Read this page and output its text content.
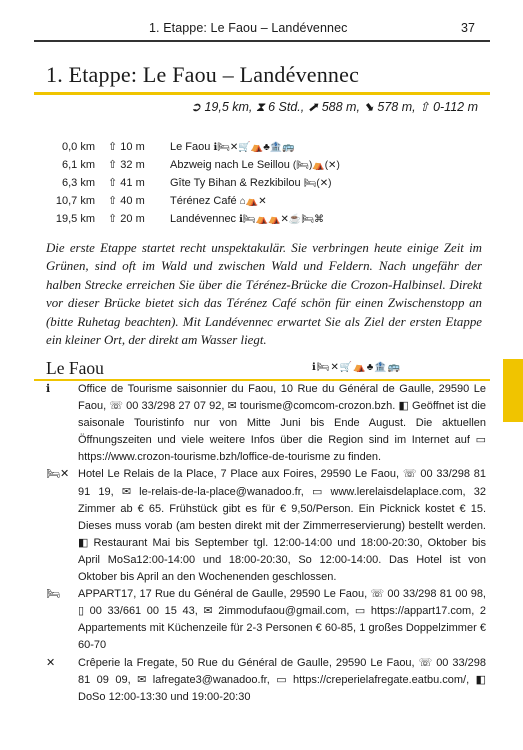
1. Etappe: Le Faou – Landévennec	37
1. Etappe: Le Faou – Landévennec
➲ 19,5 km, ⧗ 6 Std., ⬈ 588 m, ⬊ 578 m, ⇧ 0-112 m
0,0 km ⇧ 10 m Le Faou ℹ🛏✕🛒⛺♣🏦🚌
6,1 km ⇧ 32 m Abzweig nach Le Seillou (🛏)⛺(✕)
6,3 km ⇧ 41 m Gîte Ty Bihan & Rezkibilou 🛏(✕)
10,7 km ⇧ 40 m Térénez Café ⌂⛺✕
19,5 km ⇧ 20 m Landévennec ℹ🛏⛺⛺✕☕🛏⌘
Die erste Etappe startet recht unspektakulär. Sie verbringen heute einige Zeit im Grünen, sind oft im Wald und zwischen Wald und Feldern. Nach ungefähr der halben Strecke erreichen Sie über die Térénez-Brücke die Crozon-Halbinsel. Direkt vor dieser Brücke bietet sich das Térénez Café schön für einen Zwischenstopp an (bitte Ruhetag beachten). Mit Landévennec erwartet Sie als Ziel der ersten Etappe ein kleiner Ort, der direkt am Wasser liegt.
Le Faou	ℹ🛏✕🛒⛺♣🏦🚌
ℹ	Office de Tourisme saisonnier du Faou, 10 Rue du Général de Gaulle, 29590 Le Faou, ☏ 00 33/298 27 07 92, ✉ tourisme@comcom-crozon.bzh. ◧ Geöffnet ist die saisonale Touristinfo nur von Mitte Juni bis Ende August. Die aktuellen Öffnungszeiten und viele weitere Infos über die Region sind im Internet auf ▭ https://www.crozon-tourisme.bzh/loffice-de-tourisme zu finden.
🛏✕ Hotel Le Relais de la Place, 7 Place aux Foires, 29590 Le Faou, ☏ 00 33/298 81 91 19, ✉ le-relais-de-la-place@wanadoo.fr, ▭ www.lerelaisdelaplace.com, 32 Zimmer ab € 65. Frühstück gibt es für € 9,50/Person. Ein Picknick kostet € 15. Dieses muss vorab (am besten direkt mit der Zimmerreservierung) bestellt werden. ◧ Restaurant Mai bis September tgl. 12:00-14:00 und 18:00-20:30, Oktober bis April MoSa12:00-14:00 und 18:00-20:30, So 12:00-14:00. Das Hotel ist von Oktober bis April an den Wochenenden geschlossen.
🛏 APPART17, 17 Rue du Général de Gaulle, 29590 Le Faou, ☏ 00 33/298 81 00 98, ▯ 00 33/661 00 15 43, ✉ 2immodufaou@gmail.com, ▭ https://appart17.com, 2 Appartements mit Küchenzeile für 2-3 Personen € 60-85, 1 großes Doppelzimmer € 60-70
✕ Crêperie la Fregate, 50 Rue du Général de Gaulle, 29590 Le Faou, ☏ 00 33/298 81 09 09, ✉ lafregate3@wanadoo.fr, ▭ https://creperielafregate.eatbu.com/, ◧ DoSo 12:00-13:30 und 19:00-20:30
